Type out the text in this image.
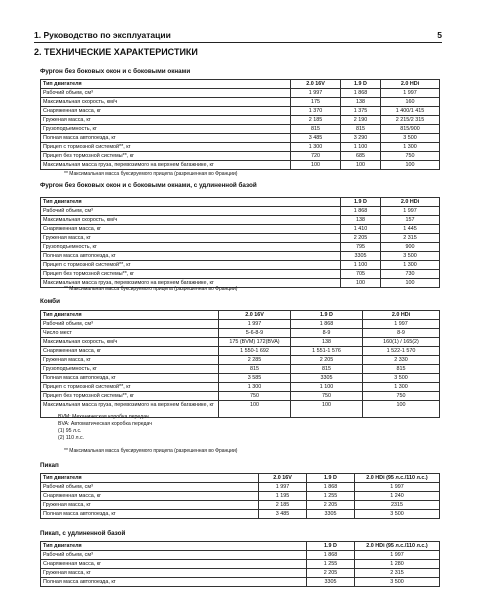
1. Руководство по эксплуатации	5
2. ТЕХНИЧЕСКИЕ ХАРАКТЕРИСТИКИ
Фургон без боковых окон и с боковыми окнами
Тип двигателя	2.0 16V	1.9 D	2.0 HDi
Рабочий объем, см³	1 997	1 868	1 997
Максимальная скорость, км/ч	175	138	160
Снаряженная масса, кг	1 370	1 375	1 400/1 415
Груженая масса, кг	2 185	2 190	2 215/2 315
Грузоподъемность, кг	815	815	815/900
Полная масса автопоезда, кг	3 485	3 290	3 500
Прицеп с тормозной системой**, кг	1 300	1 100	1 300
Прицеп без тормозной системы**, кг	720	685	750
Максимальная масса груза, перевозимого на верхнем багажнике, кг	100	100	100
** Максимальная масса буксируемого прицепа (разрешенная во Франции)
Фургон без боковых окон и с боковыми окнами, с удлиненной базой
Тип двигателя	1.9 D	2.0 HDi
Рабочий объем, см³	1 868	1 997
Максимальная скорость, км/ч	138	157
Снаряженная масса, кг	1 410	1 445
Груженая масса, кг	2 205	2 315
Грузоподъемность, кг	795	900
Полная масса автопоезда, кг	3305	3 500
Прицеп с тормозной системой**, кг	1 100	1 300
Прицеп без тормозной системы**, кг	705	730
Максимальная масса груза, перевозимого на верхнем багажнике, кг	100	100
** Максимальная масса буксируемого прицепа (разрешенная во Франции)
Комби
Тип двигателя	2.0 16V	1.9 D	2.0 HDi
Рабочий объем, см³	1 997	1 868	1 997
Число мест	5-6-8-9	8-9	8-9
Максимальная скорость, км/ч	175 (BVM) 172(BVA)	138	160(1) / 165(2)
Снаряженная масса, кг	1 550-1 692	1 551-1 576	1 522-1 570
Груженая масса, кг	2 285	2 205	2 330
Грузоподъемность, кг	815	815	815
Полная масса автопоезда, кг	3 585	3305	3 500
Прицеп с тормозной системой**, кг	1 300	1 100	1 300
Прицеп без тормозной системы**, кг	750	750	750
Максимальная масса груза, перевозимого на верхнем багажнике, кг	100	100	100
BVM: Механическая коробка передач
BVA: Автоматическая коробка передач
(1) 95 л.с.
(2) 110 л.с.
** Максимальная масса буксируемого прицепа (разрешенная во Франции)
Пикап
Тип двигателя	2.0 16V	1.9 D	2.0 HDi (95 л.с./110 л.с.)
Рабочий объем, см³	1 997	1 868	1 997
Снаряженная масса, кг	1 195	1 255	1 240
Груженая масса, кг	2 185	2 205	2315
Полная масса автопоезда, кг	3 485	3305	3 500
Пикап, с удлиненной базой
Тип двигателя	1.9 D	2.0 HDi (95 л.с./110 л.с.)
Рабочий объем, см³	1 868	1 997
Снаряженная масса, кг	1 255	1 280
Груженая масса, кг	2 205	2 315
Полная масса автопоезда, кг	3305	3 500
